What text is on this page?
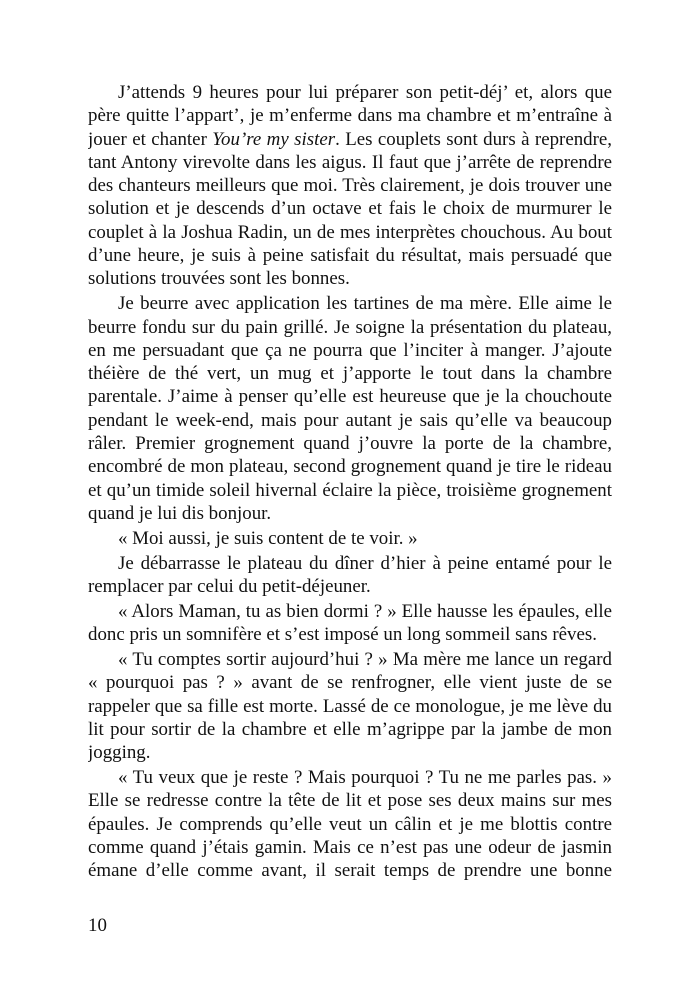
J’attends 9 heures pour lui préparer son petit-déj’ et, alors que
père quitte l’appart’, je m’enferme dans ma chambre et m’entraîne à
jouer et chanter You’re my sister. Les couplets sont durs à reprendre,
tant Antony virevolte dans les aigus. Il faut que j’arrête de reprendre
des chanteurs meilleurs que moi. Très clairement, je dois trouver une
solution et je descends d’un octave et fais le choix de murmurer le
couplet à la Joshua Radin, un de mes interprètes chouchous. Au bout
d’une heure, je suis à peine satisfait du résultat, mais persuadé que
solutions trouvées sont les bonnes.
Je beurre avec application les tartines de ma mère. Elle aime le
beurre fondu sur du pain grillé. Je soigne la présentation du plateau,
en me persuadant que ça ne pourra que l’inciter à manger. J’ajoute
théière de thé vert, un mug et j’apporte le tout dans la chambre
parentale. J’aime à penser qu’elle est heureuse que je la chouchoute
pendant le week-end, mais pour autant je sais qu’elle va beaucoup
râler. Premier grognement quand j’ouvre la porte de la chambre,
encombré de mon plateau, second grognement quand je tire le rideau
et qu’un timide soleil hivernal éclaire la pièce, troisième grognement
quand je lui dis bonjour.
« Moi aussi, je suis content de te voir. »
Je débarrasse le plateau du dîner d’hier à peine entamé pour le
remplacer par celui du petit-déjeuner.
« Alors Maman, tu as bien dormi ? » Elle hausse les épaules, elle
donc pris un somnifère et s’est imposé un long sommeil sans rêves.
« Tu comptes sortir aujourd’hui ? » Ma mère me lance un regard
« pourquoi pas ? » avant de se renfrogner, elle vient juste de se
rappeler que sa fille est morte. Lassé de ce monologue, je me lève du
lit pour sortir de la chambre et elle m’agrippe par la jambe de mon
jogging.
« Tu veux que je reste ? Mais pourquoi ? Tu ne me parles pas. »
Elle se redresse contre la tête de lit et pose ses deux mains sur mes
épaules. Je comprends qu’elle veut un câlin et je me blottis contre
comme quand j’étais gamin. Mais ce n’est pas une odeur de jasmin
émane d’elle comme avant, il serait temps de prendre une bonne
10
